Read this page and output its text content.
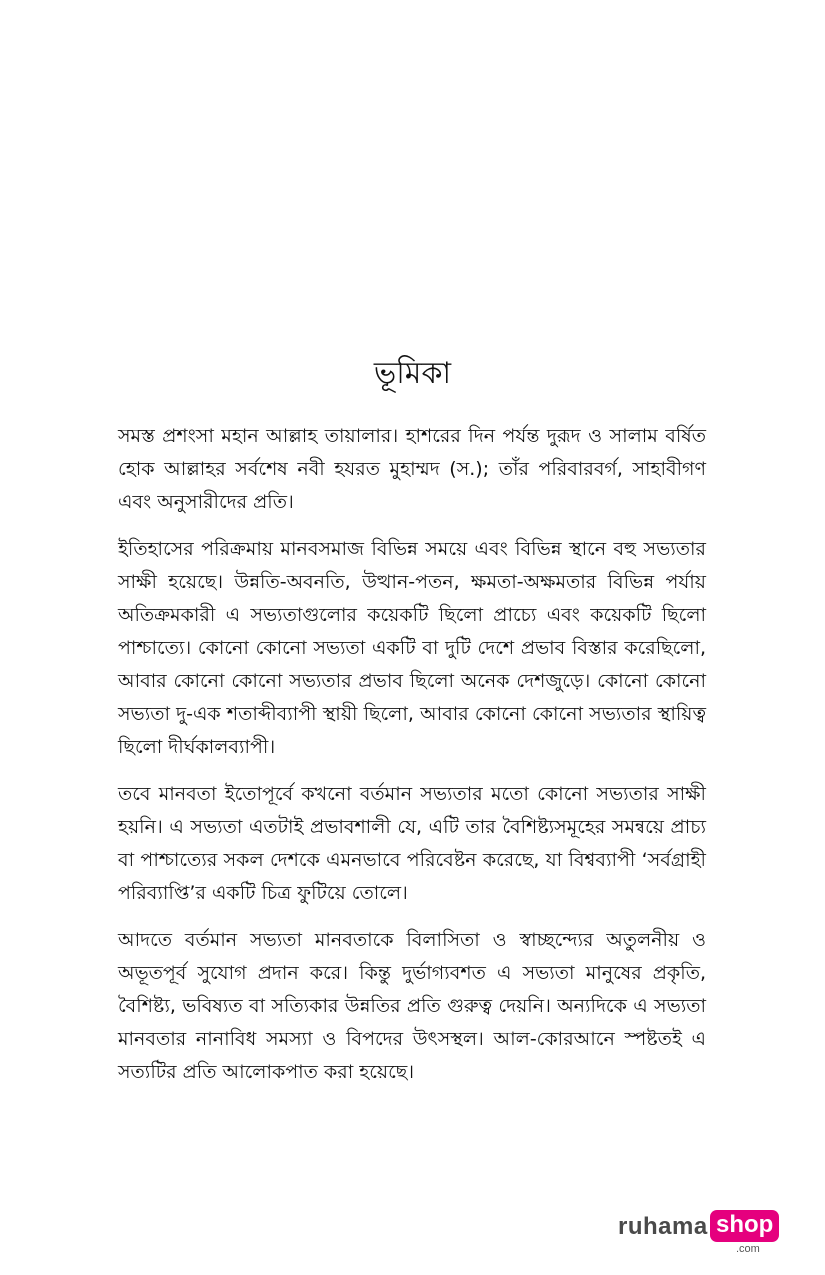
ভূমিকা

সমস্ত প্রশংসা মহান আল্লাহ তায়ালার। হাশরের দিন পর্যন্ত দুরূদ ও সালাম বর্ষিত হোক আল্লাহর সর্বশেষ নবী হযরত মুহাম্মদ (স.); তাঁর পরিবারবর্গ, সাহাবীগণ এবং অনুসারীদের প্রতি।

ইতিহাসের পরিক্রমায় মানবসমাজ বিভিন্ন সময়ে এবং বিভিন্ন স্থানে বহু সভ্যতার সাক্ষী হয়েছে। উন্নতি-অবনতি, উত্থান-পতন, ক্ষমতা-অক্ষমতার বিভিন্ন পর্যায় অতিক্রমকারী এ সভ্যতাগুলোর কয়েকটি ছিলো প্রাচ্যে এবং কয়েকটি ছিলো পাশ্চাত্যে। কোনো কোনো সভ্যতা একটি বা দুটি দেশে প্রভাব বিস্তার করেছিলো, আবার কোনো কোনো সভ্যতার প্রভাব ছিলো অনেক দেশজুড়ে। কোনো কোনো সভ্যতা দু-এক শতাব্দীব্যাপী স্থায়ী ছিলো, আবার কোনো কোনো সভ্যতার স্থায়িত্ব ছিলো দীর্ঘকালব্যাপী।

তবে মানবতা ইতোপূর্বে কখনো বর্তমান সভ্যতার মতো কোনো সভ্যতার সাক্ষী হয়নি। এ সভ্যতা এতটাই প্রভাবশালী যে, এটি তার বৈশিষ্ট্যসমূহের সমন্বয়ে প্রাচ্য বা পাশ্চাত্যের সকল দেশকে এমনভাবে পরিবেষ্টন করেছে, যা বিশ্বব্যাপী ‘সর্বগ্রাহী পরিব্যাপ্তি’র একটি চিত্র ফুটিয়ে তোলে।

আদতে বর্তমান সভ্যতা মানবতাকে বিলাসিতা ও স্বাচ্ছন্দ্যের অতুলনীয় ও অভূতপূর্ব সুযোগ প্রদান করে। কিন্তু দুর্ভাগ্যবশত এ সভ্যতা মানুষের প্রকৃতি, বৈশিষ্ট্য, ভবিষ্যত বা সত্যিকার উন্নতির প্রতি গুরুত্ব দেয়নি। অন্যদিকে এ সভ্যতা মানবতার নানাবিধ সমস্যা ও বিপদের উৎসস্থল। আল-কোরআনে স্পষ্টতই এ সত্যটির প্রতি আলোকপাত করা হয়েছে।

ruhama shop
.com
